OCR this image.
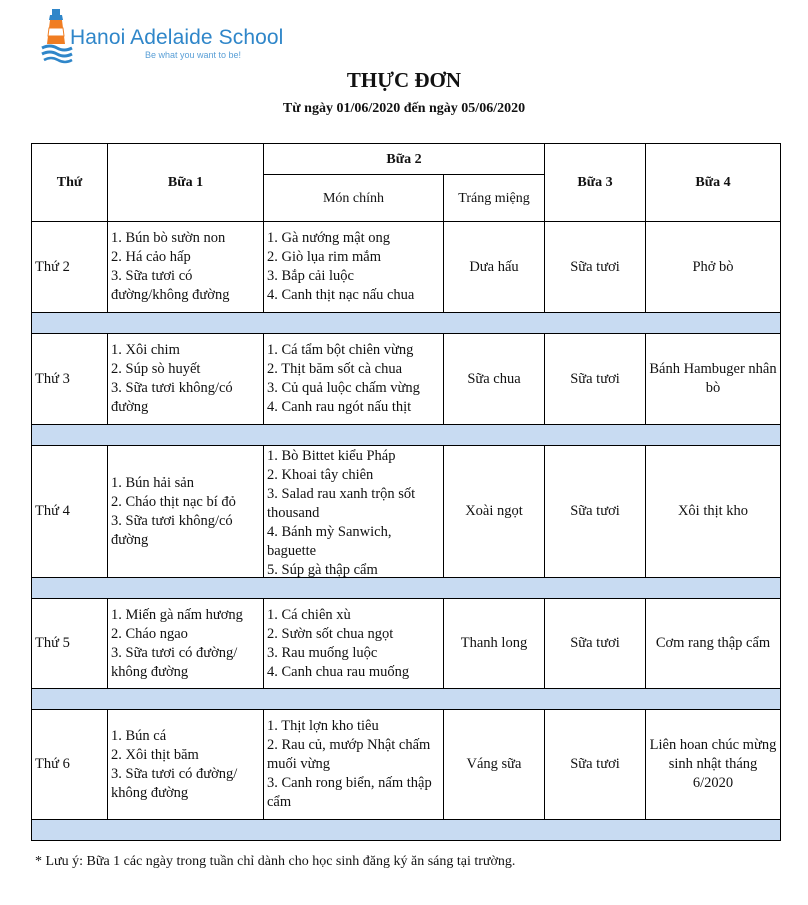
Hanoi Adelaide School
Be what you want to be!
THỰC ĐƠN
Từ ngày 01/06/2020 đến ngày 05/06/2020
Thứ	Bữa 1	Bữa 2		Bữa 3	Bữa 4
		Món chính	Tráng miệng		
Thứ 2	1. Bún bò sườn non
2. Há cảo hấp
3. Sữa tươi có đường/không đường	1. Gà nướng mật ong
2. Giò lụa rim mắm
3. Bắp cải luộc
4. Canh thịt nạc nấu chua	Dưa hấu	Sữa tươi	Phở bò

Thứ 3	1. Xôi chim
2. Súp sò huyết
3. Sữa tươi không/có đường	1. Cá tẩm bột chiên vừng
2. Thịt băm sốt cà chua
3. Củ quả luộc chấm vừng
4. Canh rau ngót nấu thịt	Sữa chua	Sữa tươi	Bánh Hambuger nhân bò

Thứ 4	1. Bún hải sản
2. Cháo thịt nạc bí đỏ
3. Sữa tươi không/có đường	1. Bò Bittet kiểu Pháp
2. Khoai tây chiên
3. Salad rau xanh trộn sốt thousand
4. Bánh mỳ Sanwich, baguette
5. Súp gà thập cẩm	Xoài ngọt	Sữa tươi	Xôi thịt kho

Thứ 5	1. Miến gà nấm hương
2. Cháo ngao
3. Sữa tươi có đường/ không đường	1. Cá chiên xù
2. Sườn sốt chua ngọt
3. Rau muống luộc
4. Canh chua rau muống	Thanh long	Sữa tươi	Cơm rang thập cẩm

Thứ 6	1. Bún cá
2. Xôi thịt băm
3. Sữa tươi có đường/ không đường	1. Thịt lợn kho tiêu
2. Rau củ, mướp Nhật chấm muối vừng
3. Canh rong biển, nấm thập cẩm	Váng sữa	Sữa tươi	Liên hoan chúc mừng sinh nhật tháng 6/2020

* Lưu ý: Bữa 1 các ngày trong tuần chỉ dành cho học sinh đăng ký ăn sáng tại trường.
